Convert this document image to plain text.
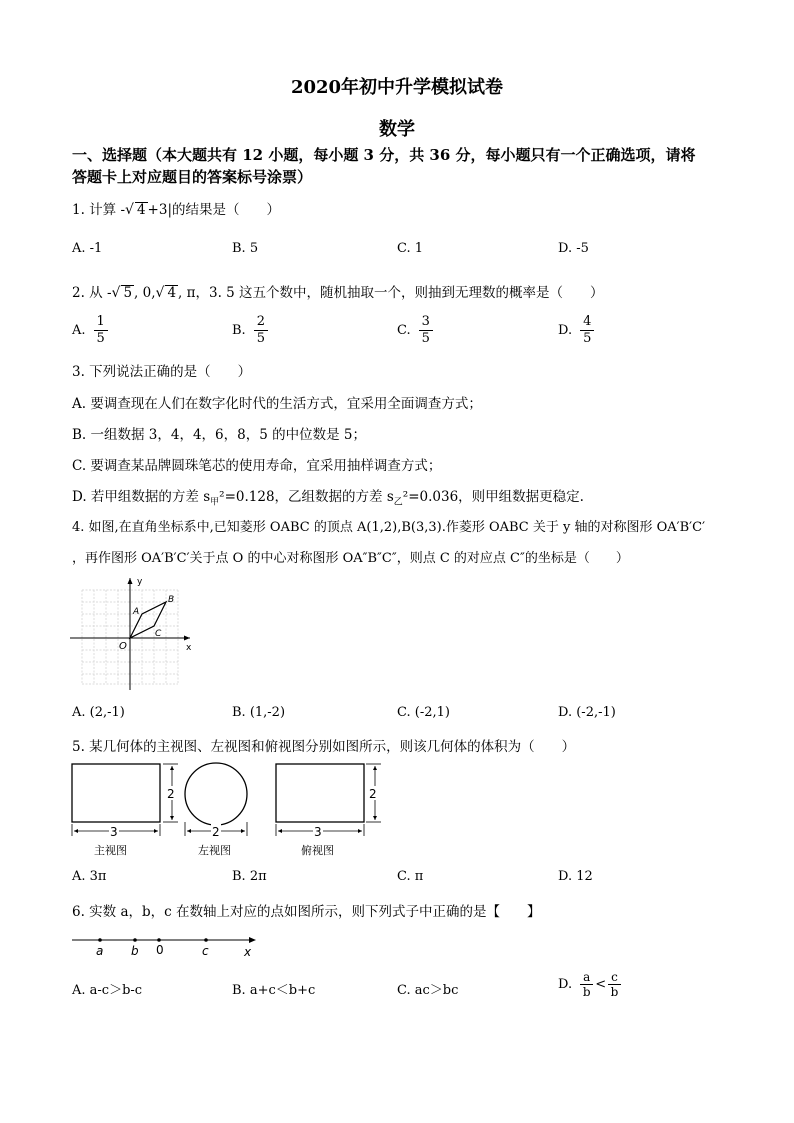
2020年初中升学模拟试卷
数学
一、选择题（本大题共有 12 小题，每小题 3 分，共 36 分，每小题只有一个正确选项，请将
答题卡上对应题目的答案标号涂票）
1. 计算 -√ 4 +3|的结果是（　　）
A. -1	B. 5	C. 1	D. -5
2. 从 -√ 5 , 0,√ 4 , π，3. 5 这五个数中，随机抽取一个，则抽到无理数的概率是（　　）
A. $\frac{1}{5}$	B. $\frac{2}{5}$	C. $\frac{3}{5}$	D. $\frac{4}{5}$
3. 下列说法正确的是（　　）
A. 要调查现在人们在数字化时代的生活方式，宜采用全面调查方式；
B. 一组数据 3，4，4，6，8，5 的中位数是 5；
C. 要调查某品牌圆珠笔芯的使用寿命，宜采用抽样调查方式；
D. 若甲组数据的方差 $s_甲^2=0.128$，乙组数据的方差 $s_乙^2=0.036$，则甲组数据更稳定.
4. 如图,在直角坐标系中,已知菱形 OABC 的顶点 A(1,2),B(3,3).作菱形 OABC 关于 y 轴的对称图形 OA′B′C′
，再作图形 OA′B′C′关于点 O 的中心对称图形 OA″B″C″，则点 C 的对应点 C″的坐标是（　　）
y
x
O
A
B
C
A. (2,-1)	B. (1,-2)	C. (-2,1)	D. (-2,-1)
5. 某几何体的主视图、左视图和俯视图分别如图所示，则该几何体的体积为（　　）
3
2
主视图
2
左视图
3
2
俯视图
A. 3π	B. 2π	C. π	D. 12
6. 实数 a，b，c 在数轴上对应的点如图所示，则下列式子中正确的是【　　】
a b 0	c	x
A. a-c＞b-c	B. a+c＜b+c	C. ac＞bc	D. $\frac{a}{b} < \frac{c}{b}$
